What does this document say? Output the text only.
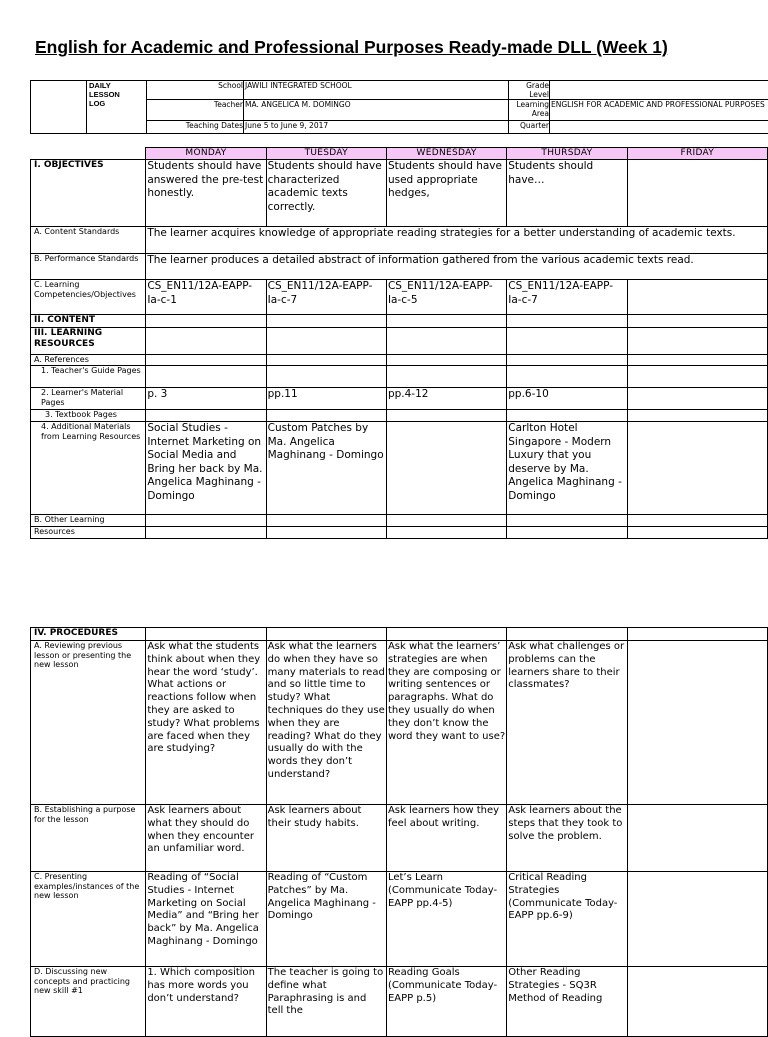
English for Academic and Professional Purposes Ready-made DLL (Week 1)

	DAILY
LESSON
LOG	School	JAWILI INTEGRATED SCHOOL	Grade Level	
		Teacher	MA. ANGELICA M. DOMINGO	Learning Area	ENGLISH FOR ACADEMIC AND PROFESSIONAL PURPOSES
		Teaching Dates	June 5 to June 9, 2017	Quarter	
	MONDAY	TUESDAY	WEDNESDAY	THURSDAY	FRIDAY
I. OBJECTIVES	Students should have answered the pre-test honestly.	Students should have characterized academic texts correctly.	Students should have used appropriate hedges,	Students should have…	
A. Content Standards	The learner acquires knowledge of appropriate reading strategies for a better understanding of academic texts.				
B. Performance Standards	The learner produces a detailed abstract of information gathered from the various academic texts read.				
C. Learning Competencies/Objectives	CS_EN11/12A-EAPP-Ia-c-1	CS_EN11/12A-EAPP-Ia-c-7	CS_EN11/12A-EAPP-Ia-c-5	CS_EN11/12A-EAPP-Ia-c-7	
II. CONTENT					
III. LEARNING RESOURCES					
A. References					
1. Teacher's Guide Pages					
2. Learner's Material Pages	p. 3	pp.11	pp.4-12	pp.6-10	
3. Textbook Pages					
4. Additional Materials from Learning Resources	Social Studies - Internet Marketing on Social Media and Bring her back by Ma. Angelica Maghinang - Domingo	Custom Patches by Ma. Angelica Maghinang - Domingo		Carlton Hotel Singapore - Modern Luxury that you deserve by Ma. Angelica Maghinang - Domingo	
B. Other Learning					
Resources					
IV. PROCEDURES					
A. Reviewing previous lesson or presenting the new lesson	Ask what the students think about when they hear the word ‘study’. What actions or reactions follow when they are asked to study? What problems are faced when they are studying?	Ask what the learners do when they have so many materials to read and so little time to study? What techniques do they use when they are reading? What do they usually do with the words they don’t understand?	Ask what the learners’ strategies are when they are composing or writing sentences or paragraphs. What do they usually do when they don’t know the word they want to use?	Ask what challenges or problems can the learners share to their classmates?	
B. Establishing a purpose for the lesson	Ask learners about what they should do when they encounter an unfamiliar word.	Ask learners about their study habits.	Ask learners how they feel about writing.	Ask learners about the steps that they took to solve the problem.	
C. Presenting examples/instances of the new lesson	Reading of “Social Studies - Internet Marketing on Social Media” and “Bring her back” by Ma. Angelica Maghinang - Domingo	Reading of “Custom Patches” by Ma. Angelica Maghinang - Domingo	Let’s Learn (Communicate Today-EAPP pp.4-5)	Critical Reading Strategies (Communicate Today-EAPP pp.6-9)	
D. Discussing new concepts and practicing new skill #1	1. Which composition has more words you don’t understand?	The teacher is going to define what Paraphrasing is and tell the	Reading Goals (Communicate Today-EAPP p.5)	Other Reading Strategies - SQ3R Method of Reading	
